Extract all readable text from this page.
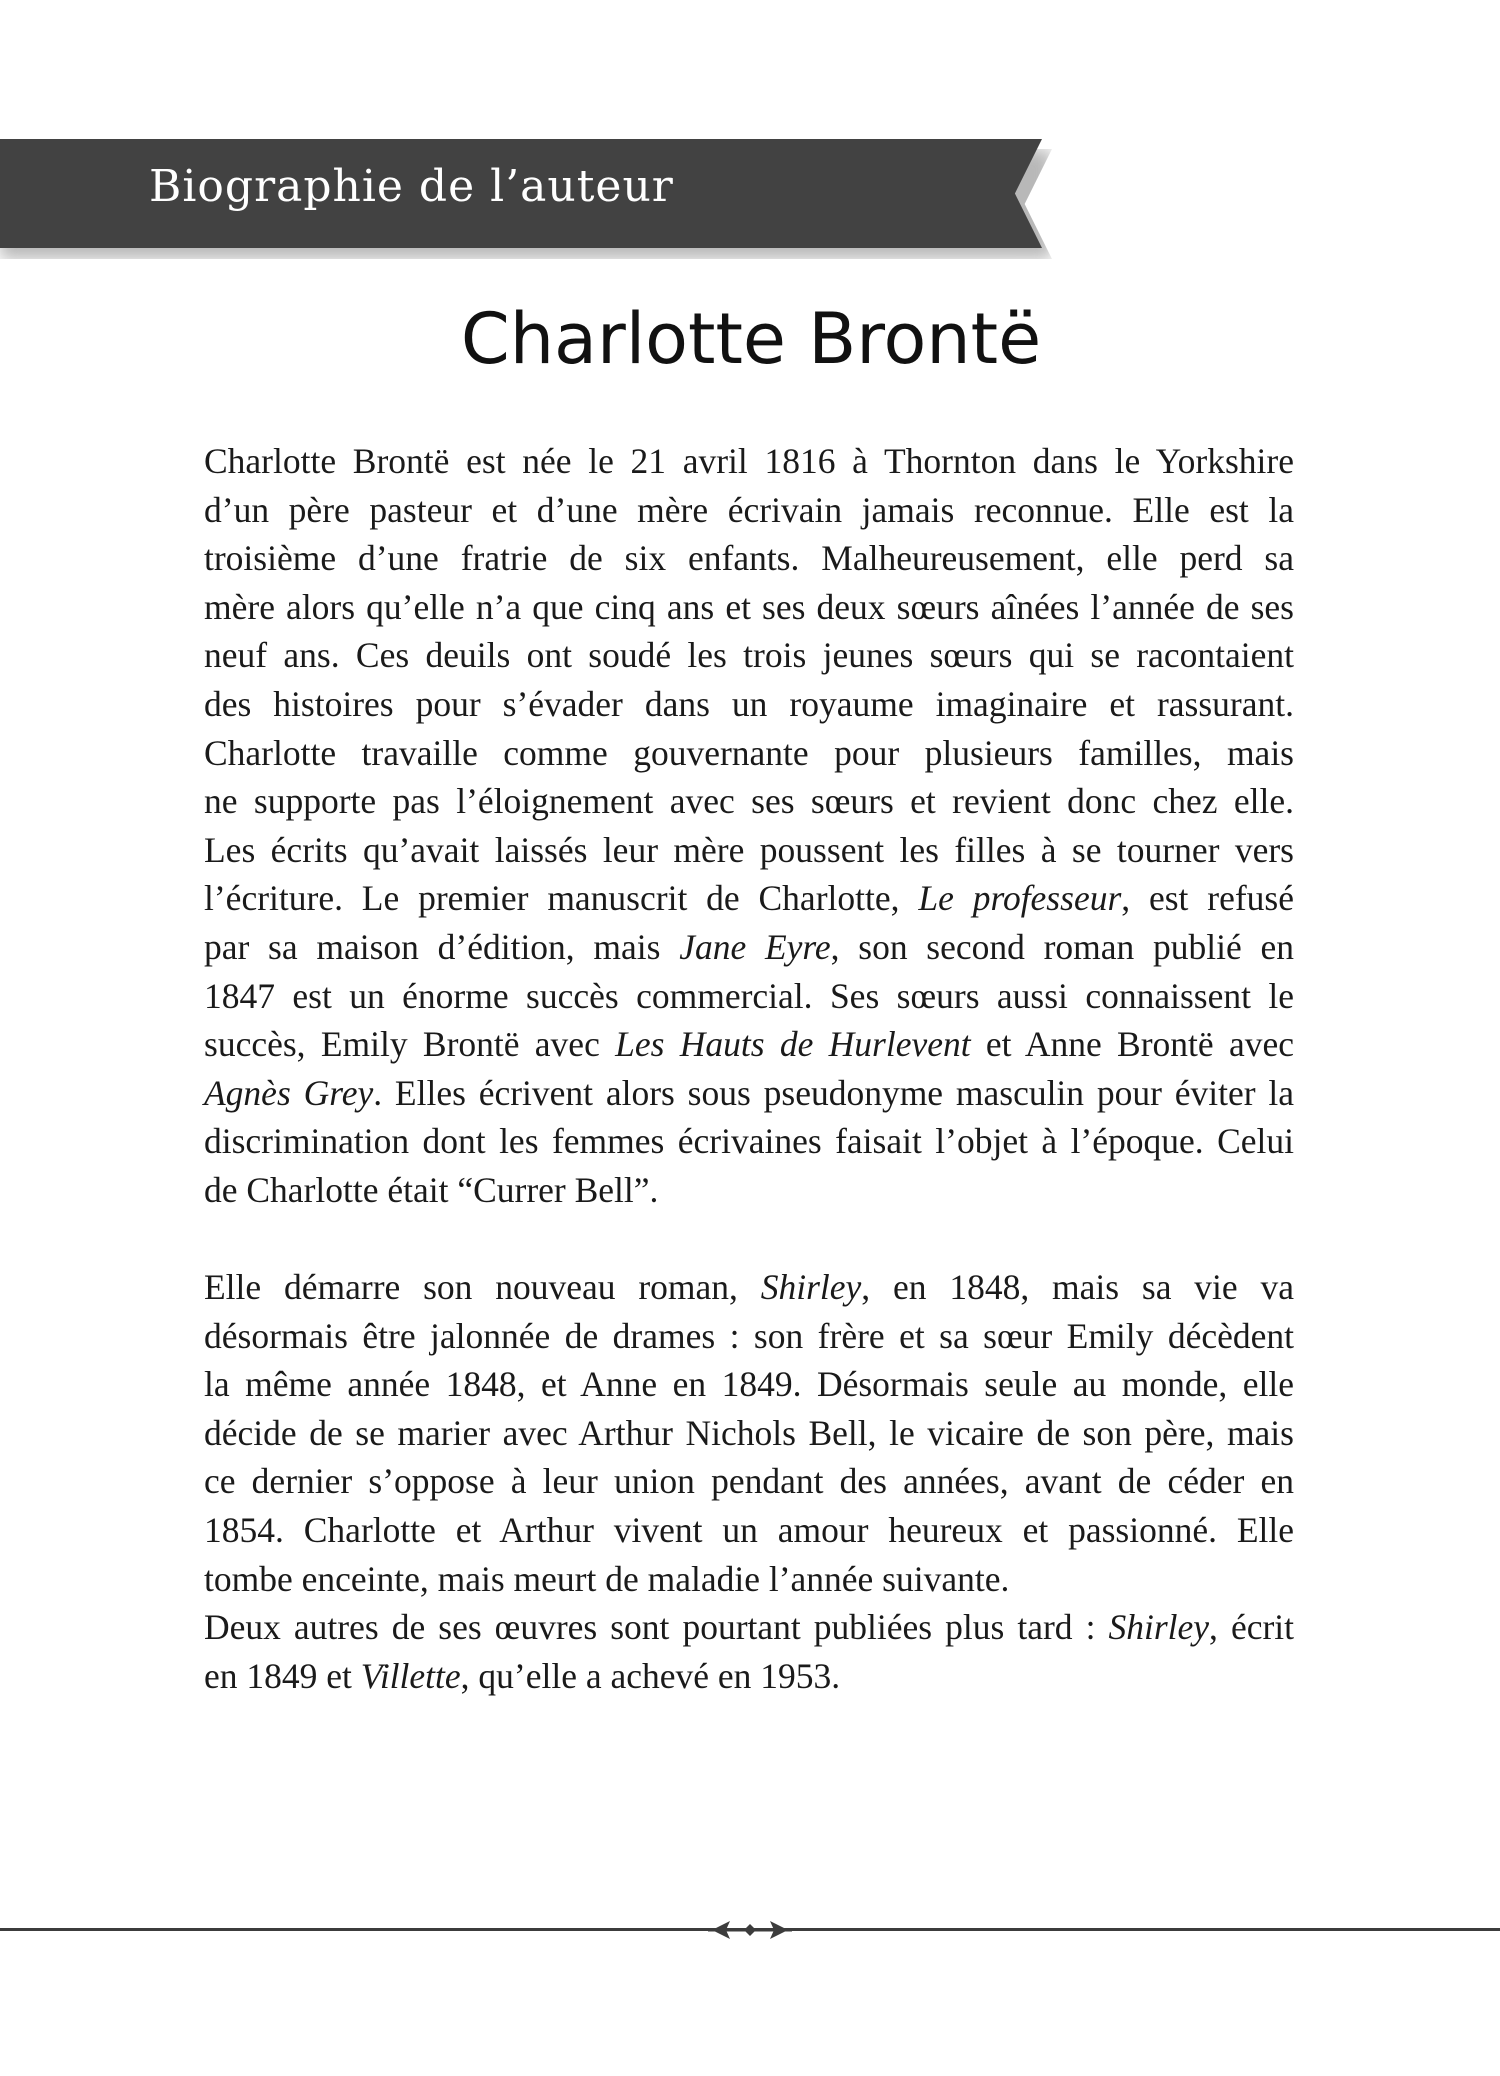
Biographie de l’auteur
Charlotte Brontë
Charlotte Brontë est née le 21 avril 1816 à Thornton dans le Yorkshire
d’un père pasteur et d’une mère écrivain jamais reconnue. Elle est la
troisième d’une fratrie de six enfants. Malheureusement, elle perd sa
mère alors qu’elle n’a que cinq ans et ses deux sœurs aînées l’année de ses
neuf ans. Ces deuils ont soudé les trois jeunes sœurs qui se racontaient
des histoires pour s’évader dans un royaume imaginaire et rassurant.
Charlotte travaille comme gouvernante pour plusieurs familles, mais
ne supporte pas l’éloignement avec ses sœurs et revient donc chez elle.
Les écrits qu’avait laissés leur mère poussent les filles à se tourner vers
l’écriture. Le premier manuscrit de Charlotte, Le professeur, est refusé
par sa maison d’édition, mais Jane Eyre, son second roman publié en
1847 est un énorme succès commercial. Ses sœurs aussi connaissent le
succès, Emily Brontë avec Les Hauts de Hurlevent et Anne Brontë avec
Agnès Grey. Elles écrivent alors sous pseudonyme masculin pour éviter la
discrimination dont les femmes écrivaines faisait l’objet à l’époque. Celui
de Charlotte était “Currer Bell”.
Elle démarre son nouveau roman, Shirley, en 1848, mais sa vie va
désormais être jalonnée de drames : son frère et sa sœur Emily décèdent
la même année 1848, et Anne en 1849. Désormais seule au monde, elle
décide de se marier avec Arthur Nichols Bell, le vicaire de son père, mais
ce dernier s’oppose à leur union pendant des années, avant de céder en
1854. Charlotte et Arthur vivent un amour heureux et passionné. Elle
tombe enceinte, mais meurt de maladie l’année suivante.
Deux autres de ses œuvres sont pourtant publiées plus tard : Shirley, écrit
en 1849 et Villette, qu’elle a achevé en 1953.
